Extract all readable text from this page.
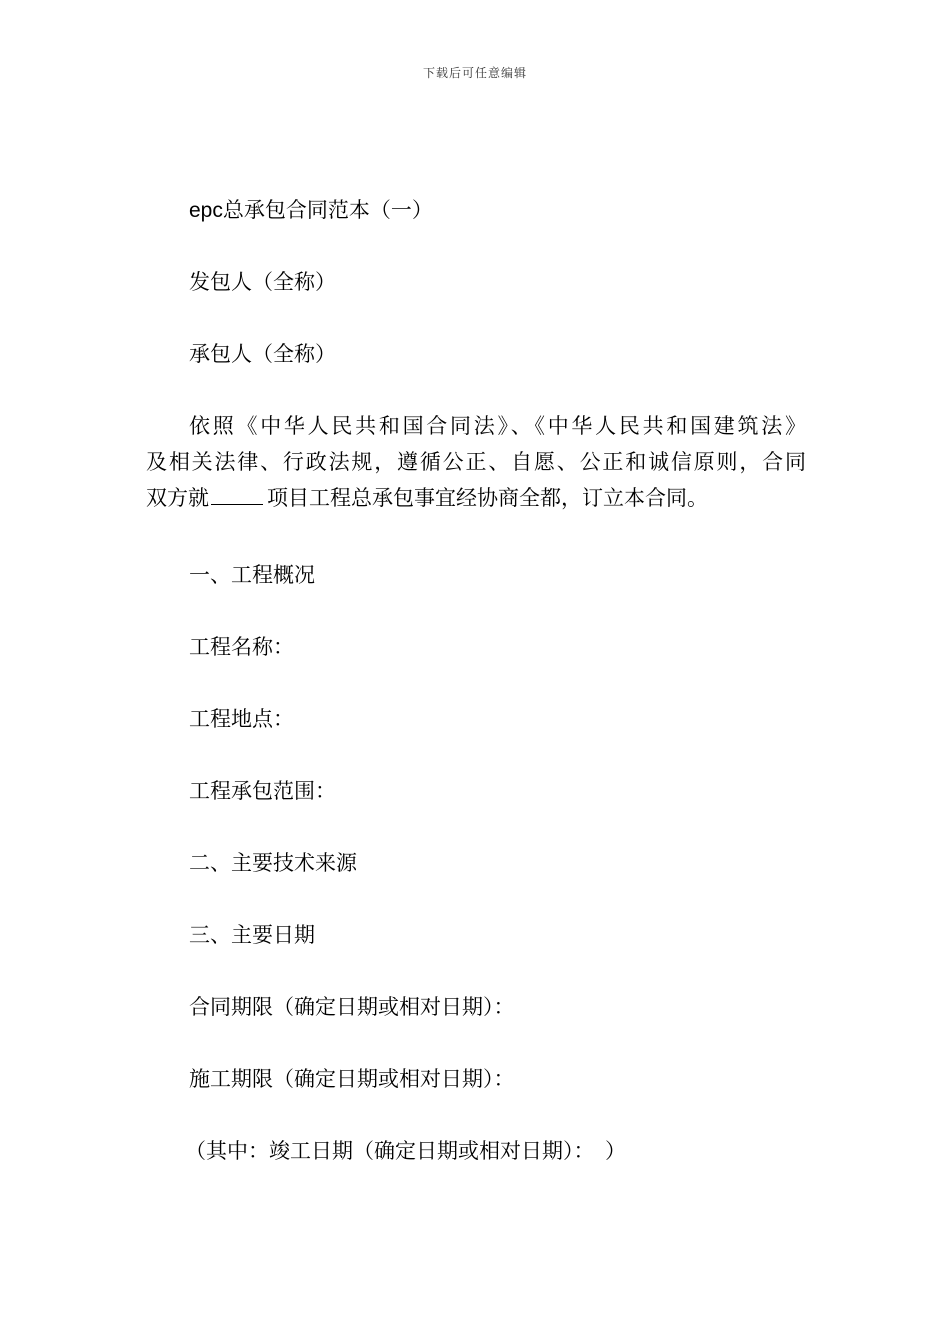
下载后可任意编辑
epc总承包合同范本（一）
发包人（全称）
承包人（全称）
依照《中华人民共和国合同法》、《中华人民共和国建筑法》
及相关法律、行政法规，遵循公正、自愿、公正和诚信原则，合同
双方就	项目工程总承包事宜经协商全都，订立本合同。
一、工程概况
工程名称：
工程地点：
工程承包范围：
二、主要技术来源
三、主要日期
合同期限（确定日期或相对日期）：
施工期限（确定日期或相对日期）：
（其中：竣工日期（确定日期或相对日期）：　）
